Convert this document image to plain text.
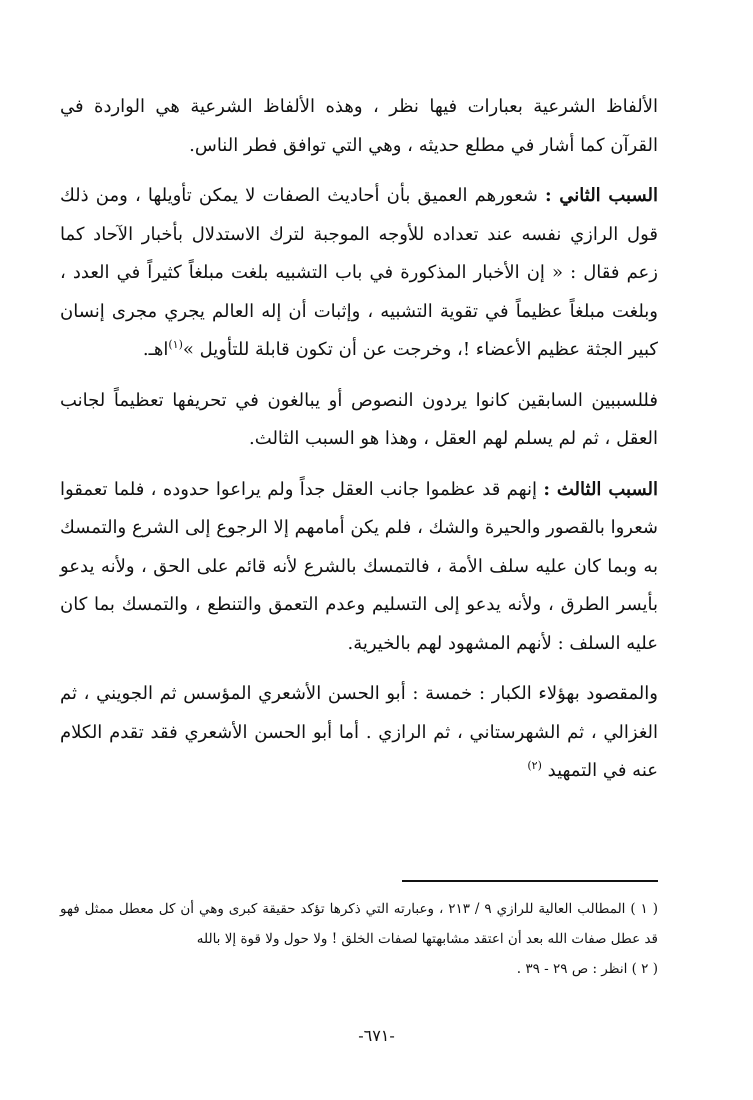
الألفاظ الشرعية بعبارات فيها نظر ، وهذه الألفاظ الشرعية هي الواردة في القرآن كما أشار في مطلع حديثه ، وهي التي توافق فطر الناس.

السبب الثاني : شعورهم العميق بأن أحاديث الصفات لا يمكن تأويلها ، ومن ذلك قول الرازي نفسه عند تعداده للأوجه الموجبة لترك الاستدلال بأخبار الآحاد كما زعم فقال : « إن الأخبار المذكورة في باب التشبيه بلغت مبلغاً كثيراً في العدد ، وبلغت مبلغاً عظيماً في تقوية التشبيه ، وإثبات أن إله العالم يجري مجرى إنسان كبير الجثة عظيم الأعضاء !، وخرجت عن أن تكون قابلة للتأويل »$^{(١)}$اهـ.

فللسببين السابقين كانوا يردون النصوص أو يبالغون في تحريفها تعظيماً لجانب العقل ، ثم لم يسلم لهم العقل ، وهذا هو السبب الثالث.

السبب الثالث : إنهم قد عظموا جانب العقل جداً ولم يراعوا حدوده ، فلما تعمقوا شعروا بالقصور والحيرة والشك ، فلم يكن أمامهم إلا الرجوع إلى الشرع والتمسك به وبما كان عليه سلف الأمة ، فالتمسك بالشرع لأنه قائم على الحق ، ولأنه يدعو بأيسر الطرق ، ولأنه يدعو إلى التسليم وعدم التعمق والتنطع ، والتمسك بما كان عليه السلف : لأنهم المشهود لهم بالخيرية.

والمقصود بهؤلاء الكبار : خمسة : أبو الحسن الأشعري المؤسس ثم الجويني ، ثم الغزالي ، ثم الشهرستاني ، ثم الرازي . أما أبو الحسن الأشعري فقد تقدم الكلام عنه في التمهيد $^{(٢)}$

( ١ ) المطالب العالية للرازي ٩ / ٢١٣ ، وعبارته التي ذكرها تؤكد حقيقة كبرى وهي أن كل معطل ممثل فهو قد عطل صفات الله بعد أن اعتقد مشابهتها لصفات الخلق ! ولا حول ولا قوة إلا بالله

( ٢ ) انظر : ص ٢٩ - ٣٩ .

-٦٧١-
